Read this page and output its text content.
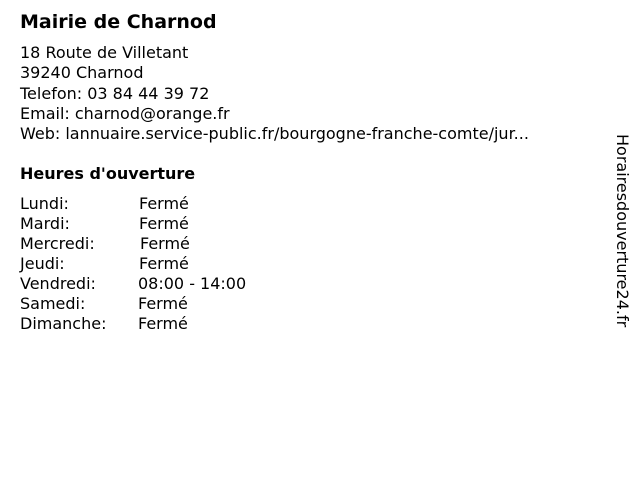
Mairie de Charnod
18 Route de Villetant
39240 Charnod
Telefon: 03 84 44 39 72
Email: charnod@orange.fr
Web: lannuaire.service-public.fr/bourgogne-franche-comte/jur...
Heures d'ouverture
Lundi:	Fermé
Mardi:	Fermé
Mercredi:	Fermé
Jeudi:	Fermé
Vendredi:	08:00 - 14:00
Samedi:	Fermé
Dimanche: Fermé	Horairesdouverture24.fr
